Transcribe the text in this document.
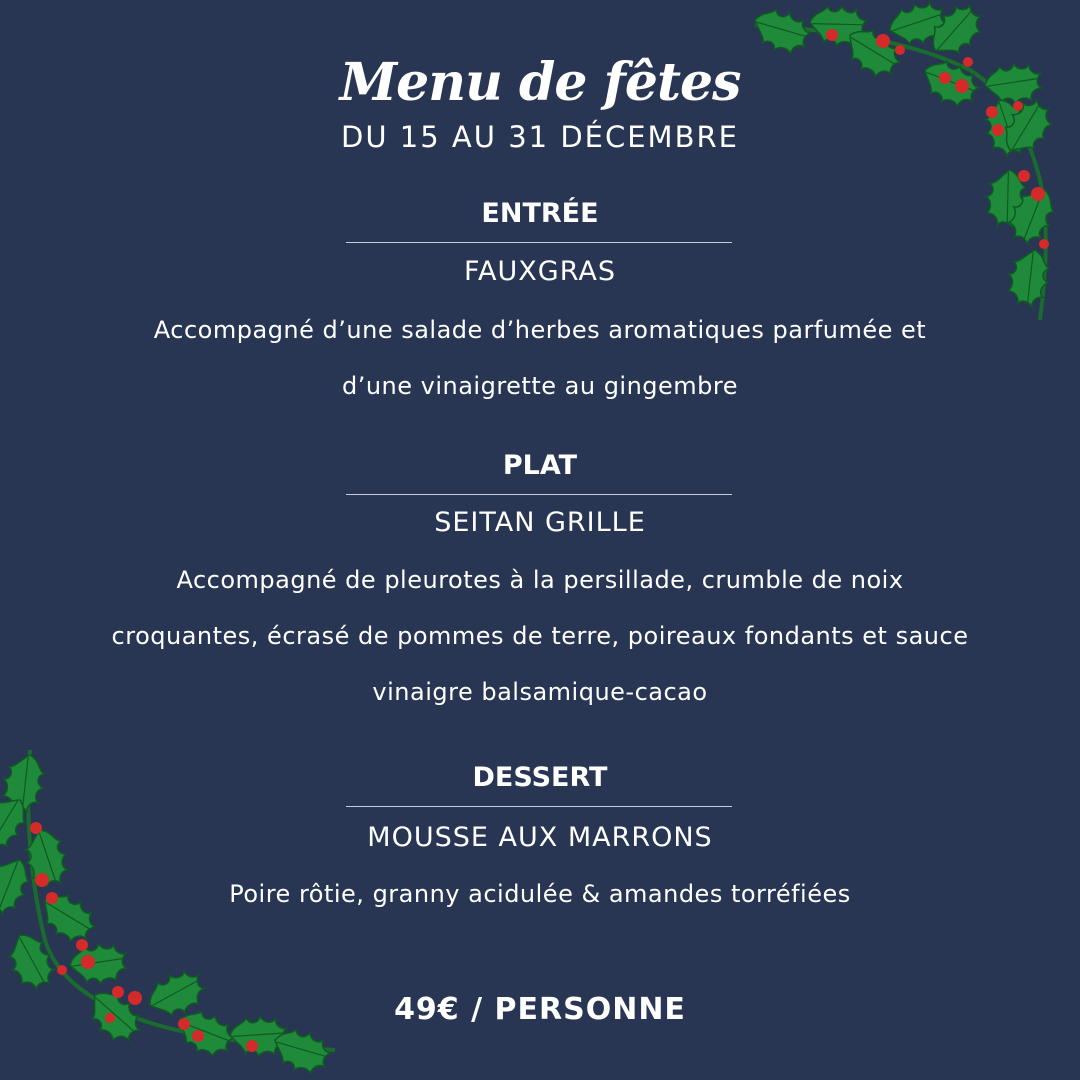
Menu de fêtes
DU 15 AU 31 DÉCEMBRE
ENTRÉE
FAUXGRAS
Accompagné d’une salade d’herbes aromatiques parfumée et
d’une vinaigrette au gingembre
PLAT
SEITAN GRILLE
Accompagné de pleurotes à la persillade, crumble de noix
croquantes, écrasé de pommes de terre, poireaux fondants et sauce
vinaigre balsamique-cacao
DESSERT
MOUSSE AUX MARRONS
Poire rôtie, granny acidulée & amandes torréfiées
49€ / PERSONNE
